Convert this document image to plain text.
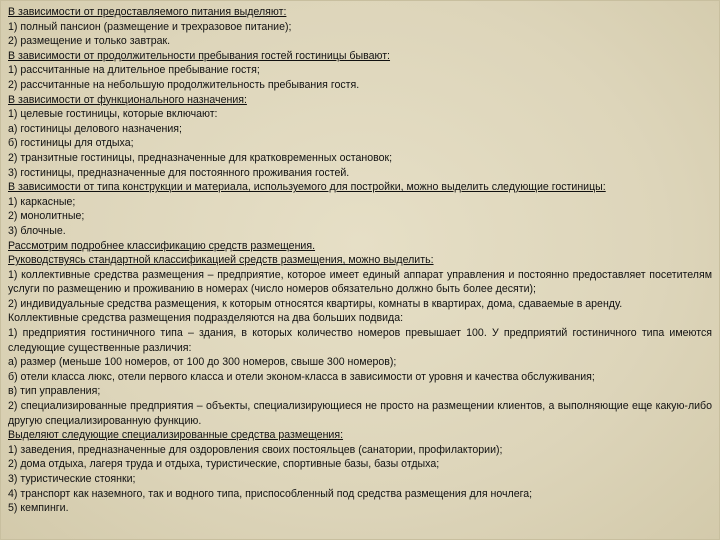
В зависимости от предоставляемого питания выделяют:
1) полный пансион (размещение и трехразовое питание);
2) размещение и только завтрак.
В зависимости от продолжительности пребывания гостей гостиницы бывают:
1) рассчитанные на длительное пребывание гостя;
2) рассчитанные на небольшую продолжительность пребывания гостя.
В зависимости от функционального назначения:
1) целевые гостиницы, которые включают:
а) гостиницы делового назначения;
б) гостиницы для отдыха;
2) транзитные гостиницы, предназначенные для кратковременных остановок;
3) гостиницы, предназначенные для постоянного проживания гостей.
В зависимости от типа конструкции и материала, используемого для постройки, можно выделить следующие гостиницы:
1) каркасные;
2) монолитные;
3) блочные.
Рассмотрим подробнее классификацию средств размещения.
Руководствуясь стандартной классификацией средств размещения, можно выделить:
1) коллективные средства размещения – предприятие, которое имеет единый аппарат управления и постоянно предоставляет посетителям услуги по размещению и проживанию в номерах (число номеров обязательно должно быть более десяти);
2) индивидуальные средства размещения, к которым относятся квартиры, комнаты в квартирах, дома, сдаваемые в аренду.
Коллективные средства размещения подразделяются на два больших подвида:
1) предприятия гостиничного типа – здания, в которых количество номеров превышает 100. У предприятий гостиничного типа имеются следующие существенные различия:
а) размер (меньше 100 номеров, от 100 до 300 номеров, свыше 300 номеров);
б) отели класса люкс, отели первого класса и отели эконом-класса в зависимости от уровня и качества обслуживания;
в) тип управления;
2) специализированные предприятия – объекты, специализирующиеся не просто на размещении клиентов, а выполняющие еще какую-либо другую специализированную функцию.
Выделяют следующие специализированные средства размещения:
1) заведения, предназначенные для оздоровления своих постояльцев (санатории, профилактории);
2) дома отдыха, лагеря труда и отдыха, туристические, спортивные базы, базы отдыха;
3) туристические стоянки;
4) транспорт как наземного, так и водного типа, приспособленный под средства размещения для ночлега;
5) кемпинги.
